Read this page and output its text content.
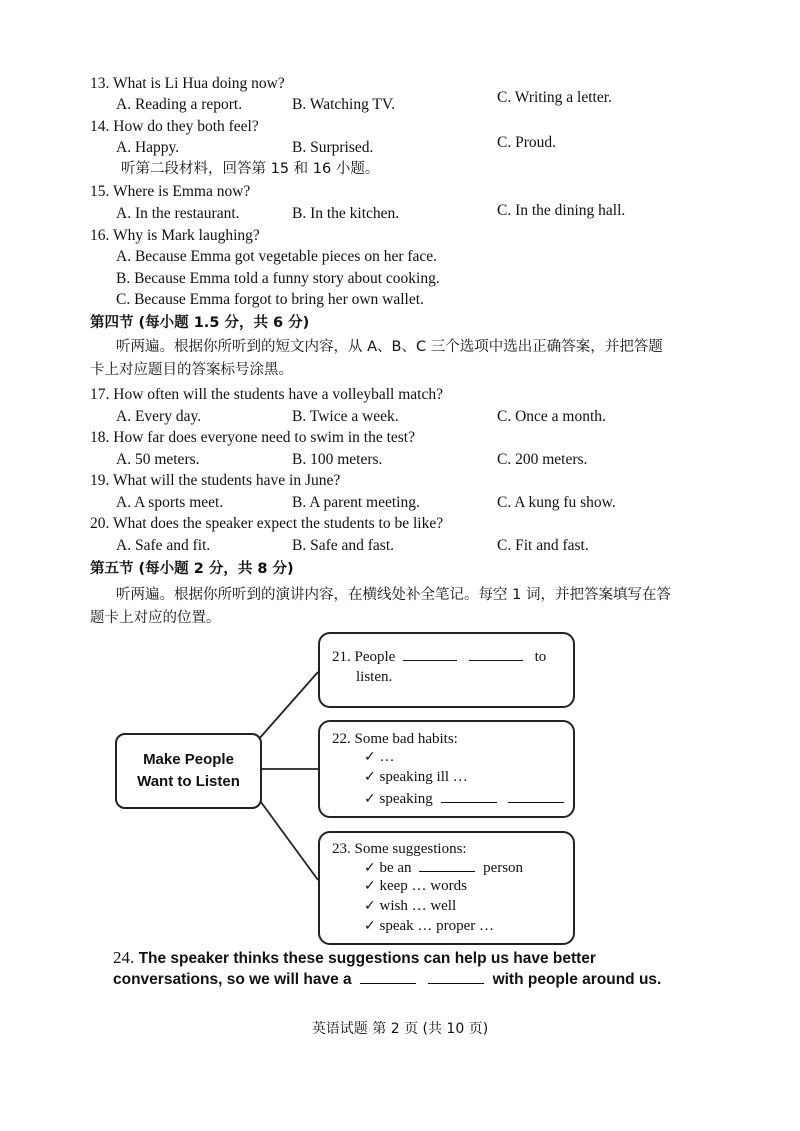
13. What is Li Hua doing now?
A. Reading a report.	B. Watching TV.	C. Writing a letter.
14. How do they both feel?
A. Happy.	B. Surprised.	C. Proud.
听第二段材料，回答第 15 和 16 小题。
15. Where is Emma now?
A. In the restaurant.	B. In the kitchen.	C. In the dining hall.
16. Why is Mark laughing?
A. Because Emma got vegetable pieces on her face.
B. Because Emma told a funny story about cooking.
C. Because Emma forgot to bring her own wallet.
第四节 (每小题 1.5 分，共 6 分)
听两遍。根据你所听到的短文内容，从 A、B、C 三个选项中选出正确答案，并把答题
卡上对应题目的答案标号涂黑。
17. How often will the students have a volleyball match?
A. Every day.	B. Twice a week.	C. Once a month.
18. How far does everyone need to swim in the test?
A. 50 meters.	B. 100 meters.	C. 200 meters.
19. What will the students have in June?
A. A sports meet.	B. A parent meeting.	C. A kung fu show.
20. What does the speaker expect the students to be like?
A. Safe and fit.	B. Safe and fast.	C. Fit and fast.
第五节 (每小题 2 分，共 8 分)
听两遍。根据你所听到的演讲内容，在横线处补全笔记。每空 1 词，并把答案填写在答
题卡上对应的位置。
Make People
Want to Listen
21. People	to
listen.
22. Some bad habits:
✓ …
✓ speaking ill …
✓ speaking
23. Some suggestions:
✓ be an	person
✓ keep … words
✓ wish … well
✓ speak … proper …
24. The speaker thinks these suggestions can help us have better
conversations, so we will have a	with people around us.
英语试题 第 2 页 (共 10 页)
